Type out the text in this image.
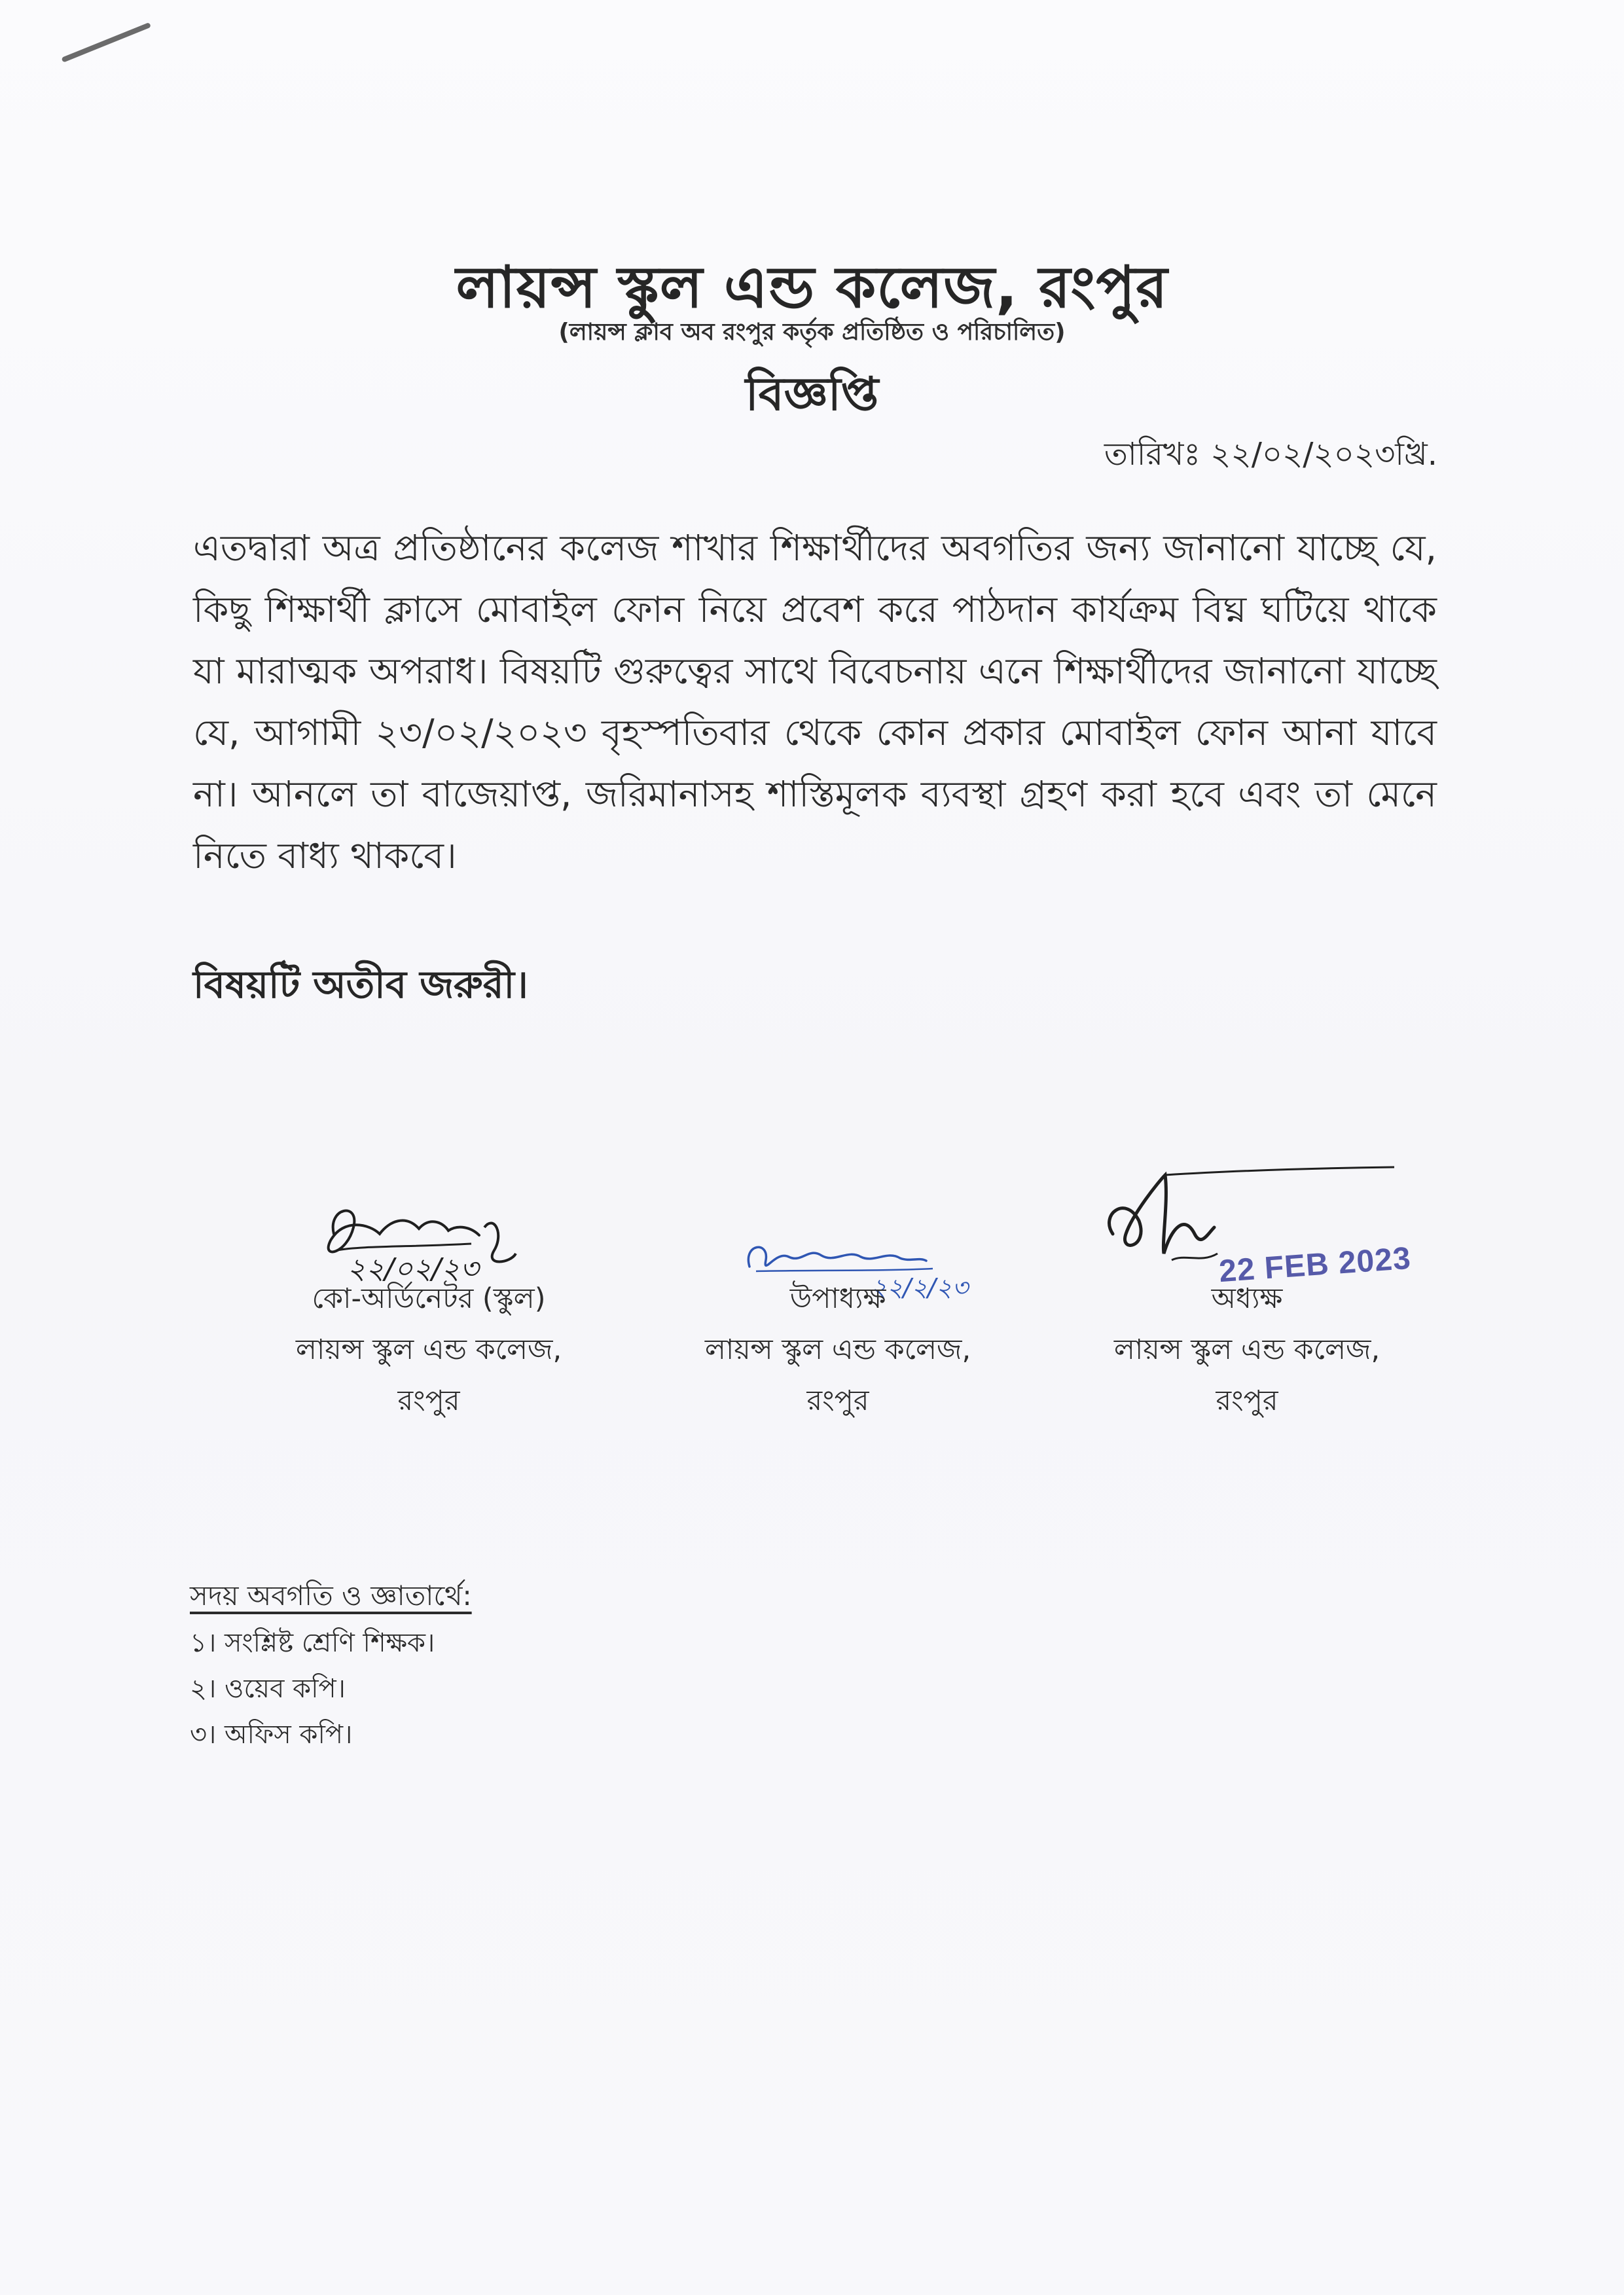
লায়ন্স স্কুল এন্ড কলেজ, রংপুর
(লায়ন্স ক্লাব অব রংপুর কর্তৃক প্রতিষ্ঠিত ও পরিচালিত)
বিজ্ঞপ্তি
তারিখঃ ২২/০২/২০২৩খ্রি.
এতদ্বারা অত্র প্রতিষ্ঠানের কলেজ শাখার শিক্ষার্থীদের অবগতির জন্য জানানো যাচ্ছে যে, কিছু শিক্ষার্থী ক্লাসে মোবাইল ফোন নিয়ে প্রবেশ করে পাঠদান কার্যক্রম বিঘ্ন ঘটিয়ে থাকে যা মারাত্মক অপরাধ। বিষয়টি গুরুত্বের সাথে বিবেচনায় এনে শিক্ষার্থীদের জানানো যাচ্ছে যে, আগামী ২৩/০২/২০২৩ বৃহস্পতিবার থেকে কোন প্রকার মোবাইল ফোন আনা যাবে না। আনলে তা বাজেয়াপ্ত, জরিমানাসহ শাস্তিমূলক ব্যবস্থা গ্রহণ করা হবে এবং তা মেনে নিতে বাধ্য থাকবে।
বিষয়টি অতীব জরুরী।
২২/০২/২৩
২২/২/২৩	22 FEB 2023
কো-অর্ডিনেটর (স্কুল)
লায়ন্স স্কুল এন্ড কলেজ,
রংপুর
উপাধ্যক্ষ
লায়ন্স স্কুল এন্ড কলেজ,
রংপুর
অধ্যক্ষ
লায়ন্স স্কুল এন্ড কলেজ,
রংপুর
সদয় অবগতি ও জ্ঞাতার্থে:
১। সংশ্লিষ্ট শ্রেণি শিক্ষক।
২। ওয়েব কপি।
৩। অফিস কপি।
